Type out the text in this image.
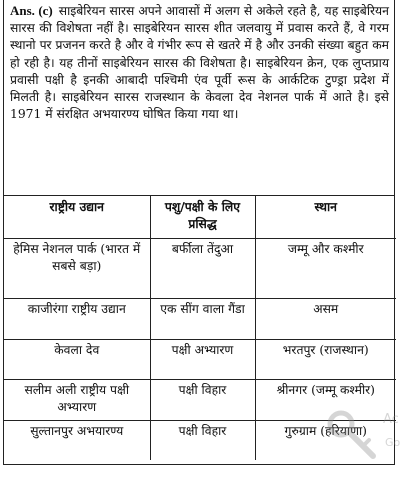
Ans. (c) साइबेरियन सारस अपने आवासों में अलग से अकेले रहते है, यह साइबेरियन सारस की विशेषता नहीं है। साइबेरियन सारस शीत जलवायु में प्रवास करते हैं, वे गरम स्थानो पर प्रजनन करते है और वे गंभीर रूप से खतरे में है और उनकी संख्या बहुत कम हो रही है। यह तीनों साइबेरियन सारस की विशेषता है। साइबेरियन क्रेन, एक लुप्तप्राय प्रवासी पक्षी है इनकी आबादी पश्चिमी एंव पूर्वी रूस के आर्कटिक टुण्ड्रा प्रदेश में मिलती है। साइबेरियन सारस राजस्थान के केवला देव नेशनल पार्क में आते है। इसे 1971 में संरक्षित अभयारण्य घोषित किया गया था।
राष्ट्रीय उद्यान	पशु/पक्षी के लिए प्रसिद्ध	स्थान
हेमिस नेशनल पार्क (भारत में सबसे बड़ा)	बर्फीला तेंदुआ	जम्मू और कश्मीर
काजीरंगा राष्ट्रीय उद्यान	एक सींग वाला गैंडा	असम
केवला देव	पक्षी अभ्यारण	भरतपुर (राजस्थान)
सलीम अली राष्ट्रीय पक्षी अभ्यारण	पक्षी विहार	श्रीनगर (जम्मू कश्मीर)
सुल्तानपुर अभयारण्य	पक्षी विहार	गुरुग्राम (हरियाणा)
Ac
Go
